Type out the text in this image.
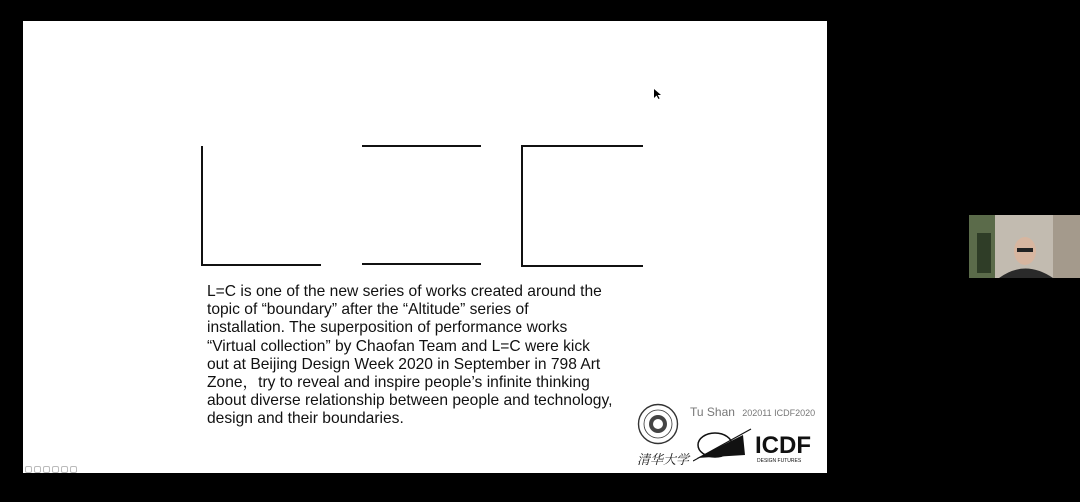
L=C is one of the new series of works created around the
topic of “boundary” after the “Altitude” series of
installation. The superposition of performance works
“Virtual collection” by Chaofan Team and L=C were kick
out at Beijing Design Week 2020 in September in 798 Art
Zone，try to reveal and inspire people’s infinite thinking
about diverse relationship between people and technology,
design and their boundaries.	Tu Shan 202011 ICDF2020
清华大学
ICDF
DESIGN FUTURES
